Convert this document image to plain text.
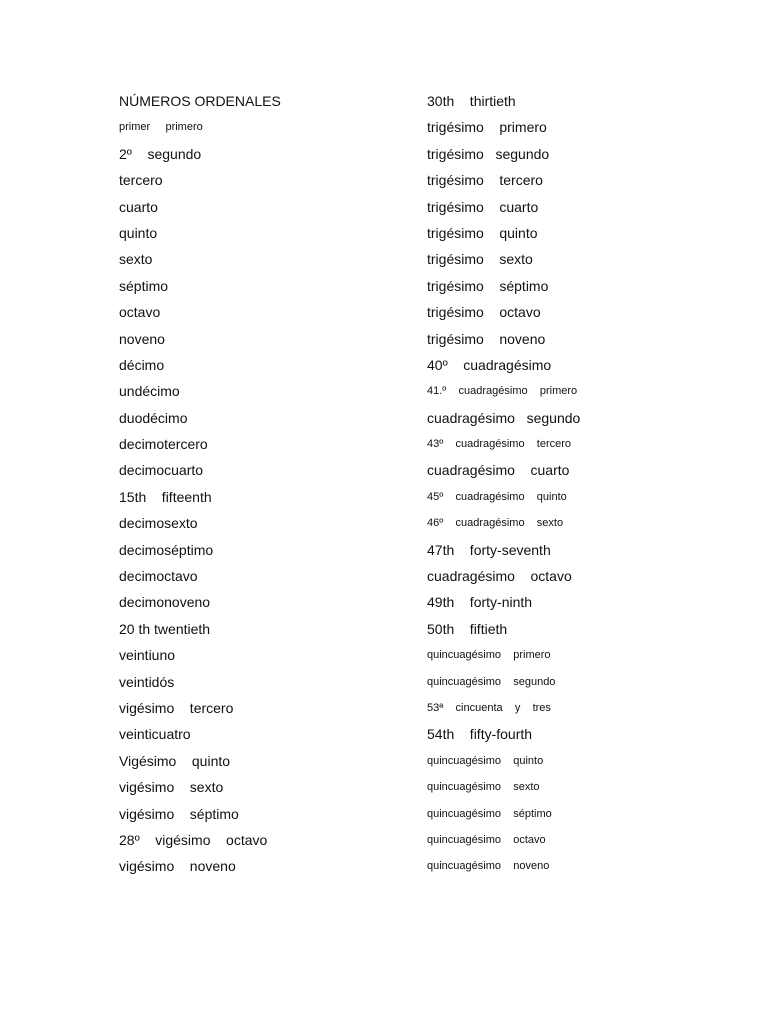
NÚMEROS ORDENALES
primer     primero
2º    segundo
tercero
cuarto
quinto
sexto
séptimo
octavo
noveno
décimo
undécimo
duodécimo
decimotercero
decimocuarto
15th    fifteenth
decimosexto
decimoséptimo
decimoctavo
decimonoveno
20 th twentieth
veintiuno
veintidós
vigésimo    tercero
veinticuatro
Vigésimo    quinto
vigésimo    sexto
vigésimo    séptimo
28º    vigésimo    octavo
vigésimo    noveno
30th    thirtieth
trigésimo    primero
trigésimo   segundo
trigésimo    tercero
trigésimo    cuarto
trigésimo    quinto
trigésimo    sexto
trigésimo    séptimo
trigésimo    octavo
trigésimo    noveno
40º    cuadragésimo
41.º    cuadragésimo    primero
cuadragésimo   segundo
43º    cuadragésimo    tercero
cuadragésimo    cuarto
45º    cuadragésimo    quinto
46º    cuadragésimo    sexto
47th    forty-seventh
cuadragésimo    octavo
49th    forty-ninth
50th    fiftieth
quincuagésimo    primero
quincuagésimo    segundo
53ª    cincuenta    y    tres
54th    fifty-fourth
quincuagésimo    quinto
quincuagésimo    sexto
quincuagésimo    séptimo
quincuagésimo    octavo
quincuagésimo    noveno
